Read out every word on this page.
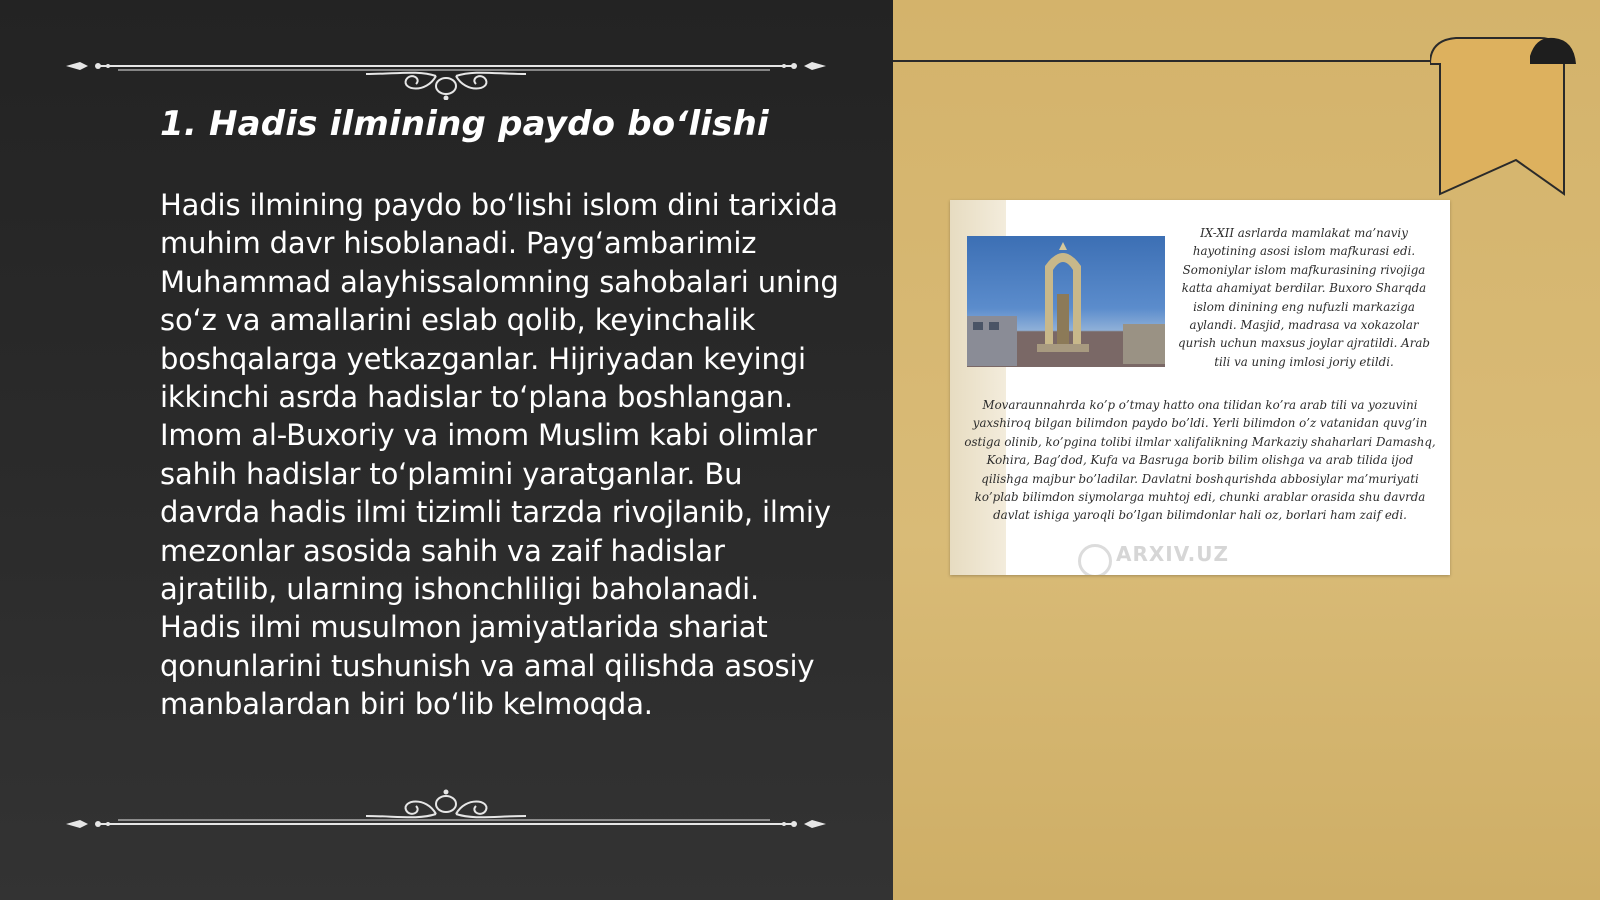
1. Hadis ilmining paydo bo‘lishi

Hadis ilmining paydo bo‘lishi islom dini tarixida muhim davr hisoblanadi. Payg‘ambarimiz Muhammad alayhissalomning sahobalari uning so‘z va amallarini eslab qolib, keyinchalik boshqalarga yetkazganlar. Hijriyadan keyingi ikkinchi asrda hadislar to‘plana boshlangan. Imom al-Buxoriy va imom Muslim kabi olimlar sahih hadislar to‘plamini yaratganlar. Bu davrda hadis ilmi tizimli tarzda rivojlanib, ilmiy mezonlar asosida sahih va zaif hadislar ajratilib, ularning ishonchliligi baholanadi. Hadis ilmi musulmon jamiyatlarida shariat qonunlarini tushunish va amal qilishda asosiy manbalardan biri bo‘lib kelmoqda.

IX-XII asrlarda mamlakat ma’naviy hayotining asosi islom mafkurasi edi. Somoniylar islom mafkurasining rivojiga katta ahamiyat berdilar. Buxoro Sharqda islom dinining eng nufuzli markaziga aylandi. Masjid, madrasa va xokazolar qurish uchun maxsus joylar ajratildi. Arab tili va uning imlosi joriy etildi.

Movaraunnahrda ko’p o’tmay hatto ona tilidan ko’ra arab tili va yozuvini yaxshiroq bilgan bilimdon paydo bo’ldi. Yerli bilimdon o’z vatanidan quvg’in ostiga olinib, ko’pgina tolibi ilmlar xalifalikning Markaziy shaharlari Damashq, Kohira, Bag’dod, Kufa va Basruga borib bilim olishga va arab tilida ijod qilishga majbur bo’ladilar. Davlatni boshqurishda abbosiylar ma’muriyati ko’plab bilimdon siymolarga muhtoj edi, chunki arablar orasida shu davrda davlat ishiga yaroqli bo’lgan bilimdonlar hali oz, borlari ham zaif edi.

ARXIV.UZ
